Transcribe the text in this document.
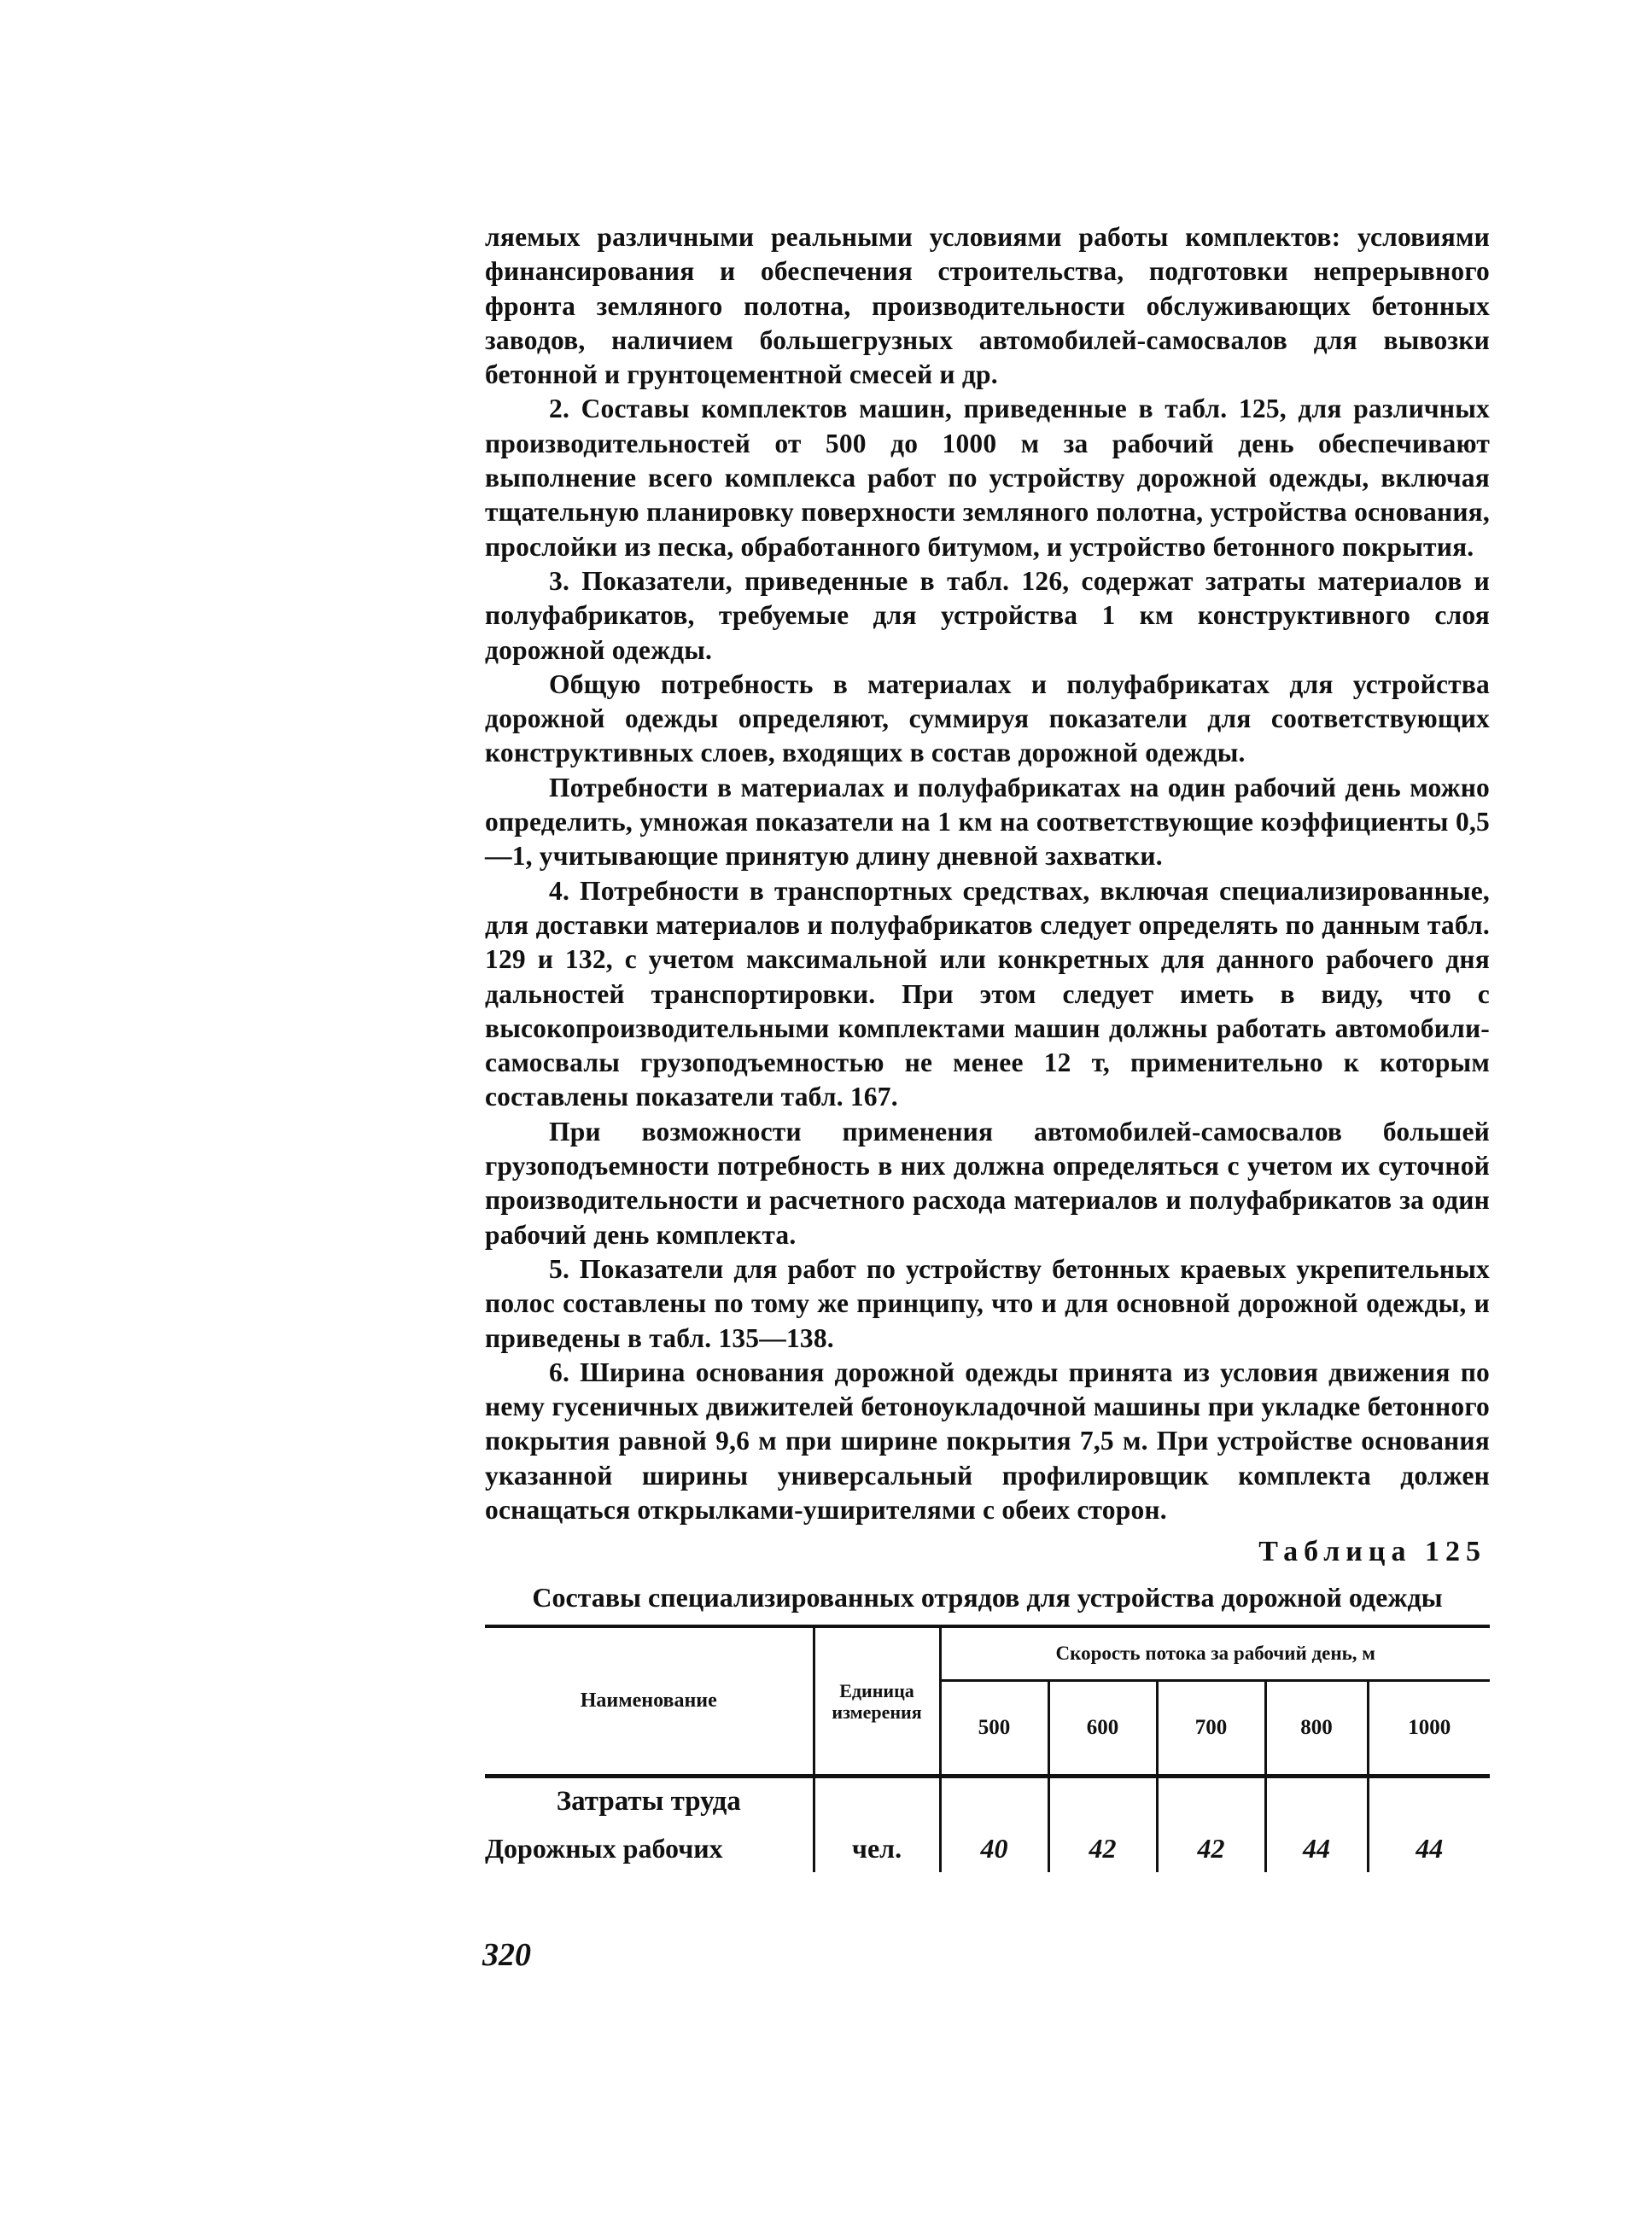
ляемых различными реальными условиями работы комплектов: условиями финансирования и обеспечения строительства, подготовки непрерывного фронта земляного полотна, производительности обслуживающих бетонных заводов, наличием большегрузных автомобилей-самосвалов для вывозки бетонной и грунтоцементной смесей и др.

2. Составы комплектов машин, приведенные в табл. 125, для различных производительностей от 500 до 1000 м за рабочий день обеспечивают выполнение всего комплекса работ по устройству дорожной одежды, включая тщательную планировку поверхности земляного полотна, устройства основания, прослойки из песка, обработанного битумом, и устройство бетонного покрытия.

3. Показатели, приведенные в табл. 126, содержат затраты материалов и полуфабрикатов, требуемые для устройства 1 км конструктивного слоя дорожной одежды.

Общую потребность в материалах и полуфабрикатах для устройства дорожной одежды определяют, суммируя показатели для соответствующих конструктивных слоев, входящих в состав дорожной одежды.

Потребности в материалах и полуфабрикатах на один рабочий день можно определить, умножая показатели на 1 км на соответствующие коэффициенты 0,5—1, учитывающие принятую длину дневной захватки.

4. Потребности в транспортных средствах, включая специализированные, для доставки материалов и полуфабрикатов следует определять по данным табл. 129 и 132, с учетом максимальной или конкретных для данного рабочего дня дальностей транспортировки. При этом следует иметь в виду, что с высокопроизводительными комплектами машин должны работать автомобили-самосвалы грузоподъемностью не менее 12 т, применительно к которым составлены показатели табл. 167.

При возможности применения автомобилей-самосвалов большей грузоподъемности потребность в них должна определяться с учетом их суточной производительности и расчетного расхода материалов и полуфабрикатов за один рабочий день комплекта.

5. Показатели для работ по устройству бетонных краевых укрепительных полос составлены по тому же принципу, что и для основной дорожной одежды, и приведены в табл. 135—138.

6. Ширина основания дорожной одежды принята из условия движения по нему гусеничных движителей бетоноукладочной машины при укладке бетонного покрытия равной 9,6 м при ширине покрытия 7,5 м. При устройстве основания указанной ширины универсальный профилировщик комплекта должен оснащаться открылками-уширителями с обеих сторон.

Таблица 125
Составы специализированных отрядов для устройства дорожной одежды
Наименование	Единица измерения	Скорость потока за рабочий день, м				
		500	600	700	800	1000
Затраты труда						
Дорожных рабочих	чел.	40	42	42	44	44
320
